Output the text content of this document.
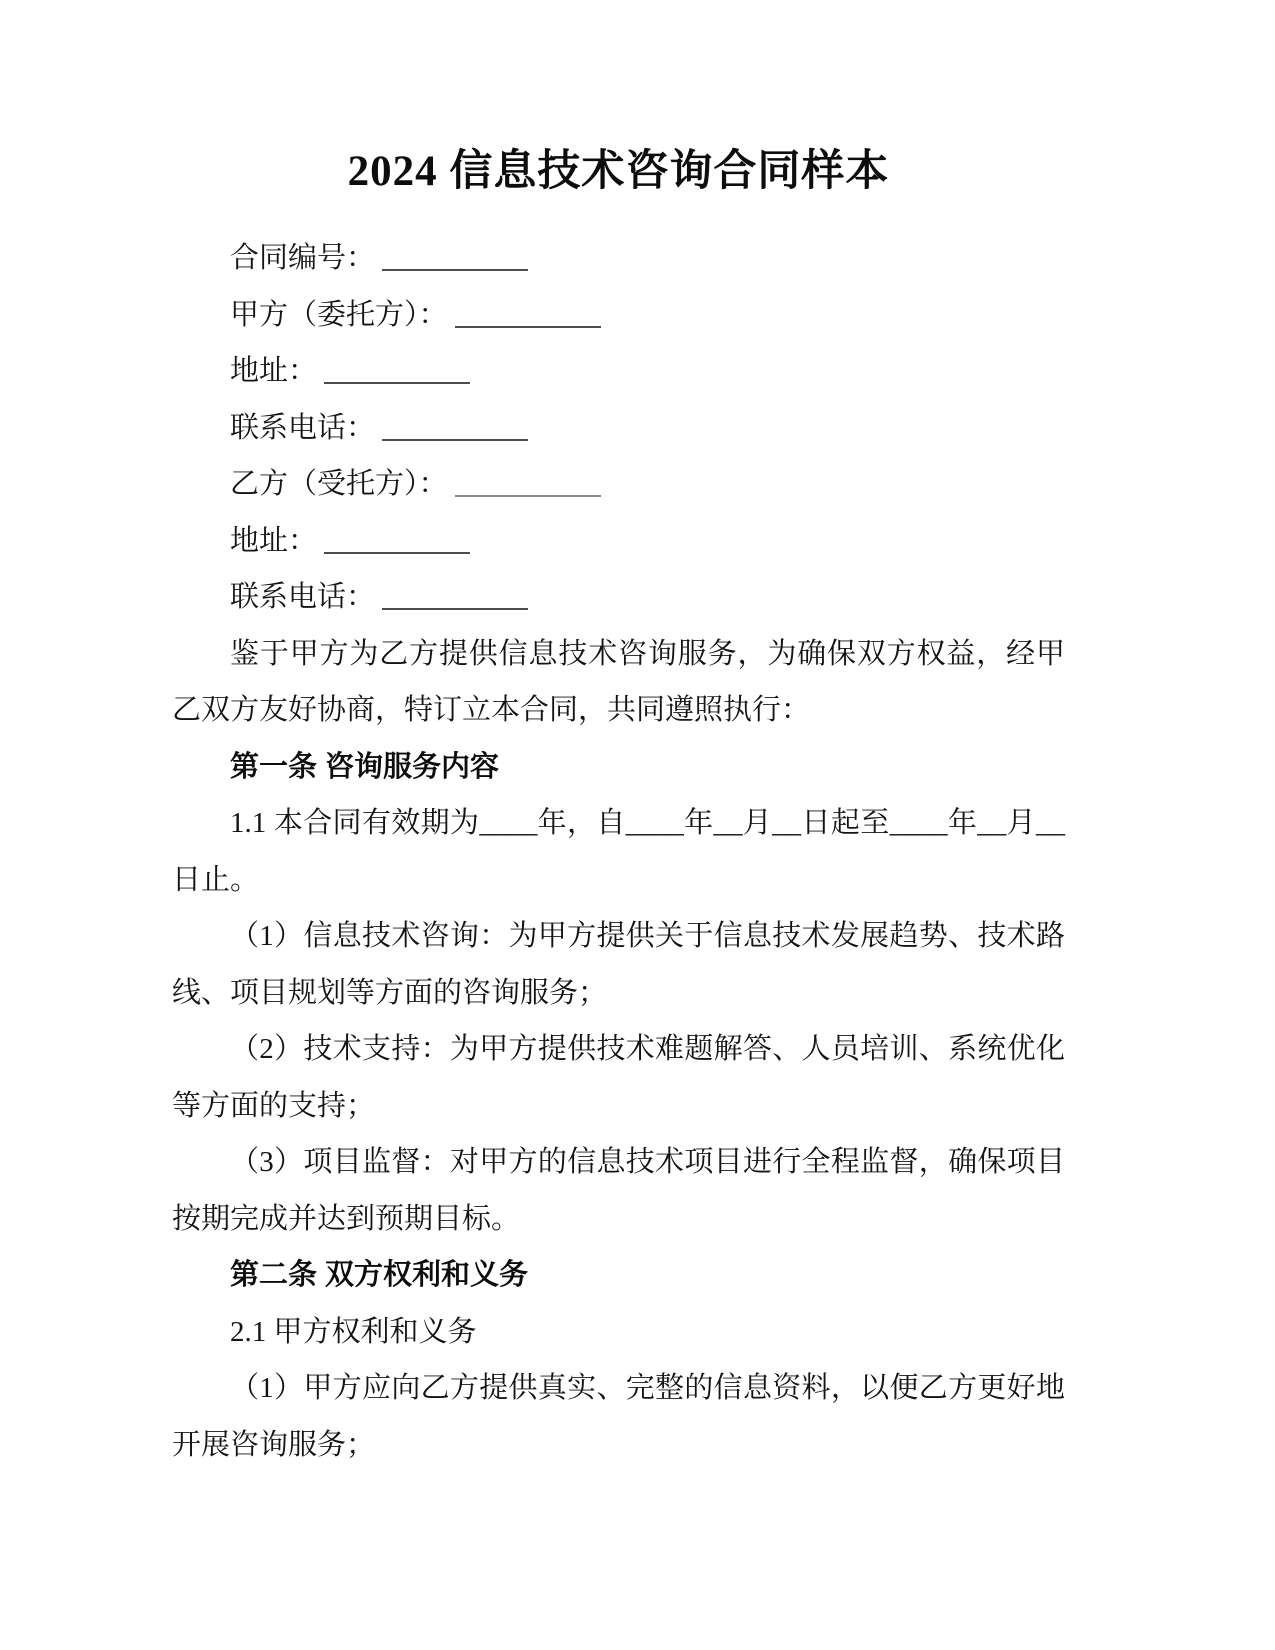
2024 信息技术咨询合同样本

合同编号：

甲方（委托方）：

地址：

联系电话：

乙方（受托方）：

地址：

联系电话：

鉴于甲方为乙方提供信息技术咨询服务，为确保双方权益，经甲乙双方友好协商，特订立本合同，共同遵照执行：

第一条 咨询服务内容

1.1 本合同有效期为____年，自____年__月__日起至____年__月__日止。

（1）信息技术咨询：为甲方提供关于信息技术发展趋势、技术路线、项目规划等方面的咨询服务；

（2）技术支持：为甲方提供技术难题解答、人员培训、系统优化等方面的支持；

（3）项目监督：对甲方的信息技术项目进行全程监督，确保项目按期完成并达到预期目标。

第二条 双方权利和义务

2.1 甲方权利和义务

（1）甲方应向乙方提供真实、完整的信息资料，以便乙方更好地开展咨询服务；
